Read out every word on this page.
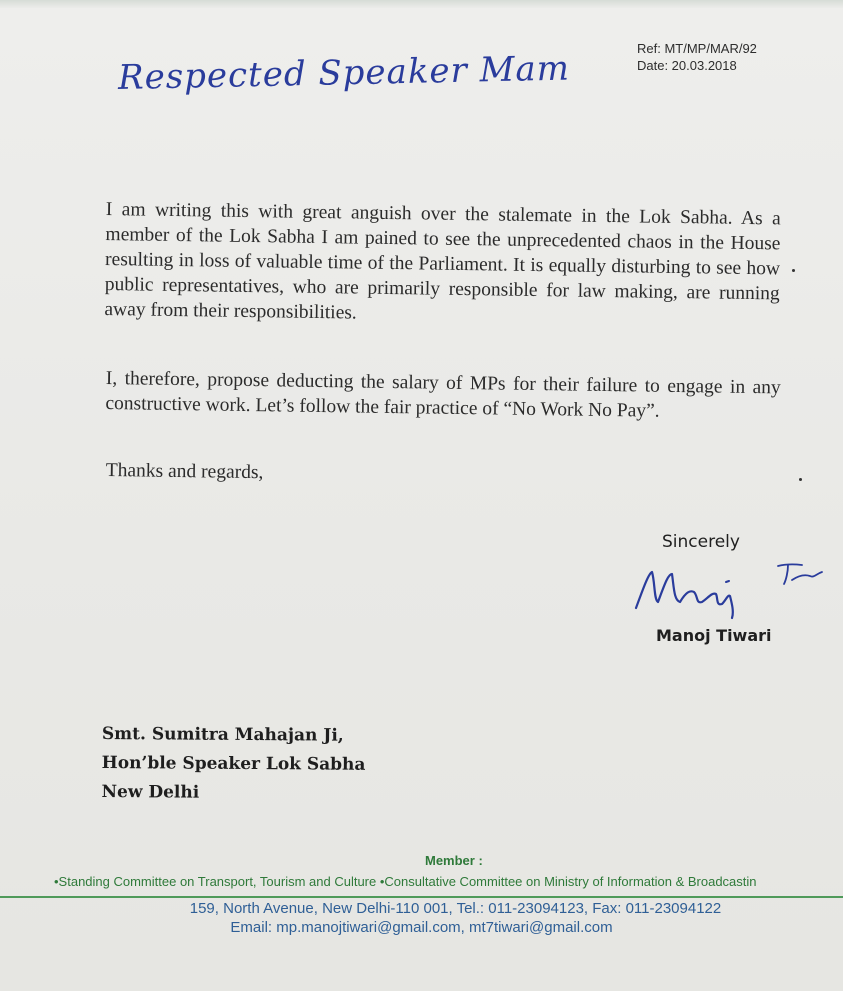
Ref: MT/MP/MAR/92
Date: 20.03.2018
Respected Speaker Mam
I am writing this with great anguish over the stalemate in the Lok Sabha. As a member of the Lok Sabha I am pained to see the unprecedented chaos in the House resulting in loss of valuable time of the Parliament. It is equally disturbing to see how public representatives, who are primarily responsible for law making, are running away from their responsibilities.
I, therefore, propose deducting the salary of MPs for their failure to engage in any constructive work. Let’s follow the fair practice of “No Work No Pay”.
Thanks and regards,
Sincerely
Manoj Tiwari
Smt. Sumitra Mahajan Ji,
Hon’ble Speaker Lok Sabha
New Delhi
Member :
•Standing Committee on Transport, Tourism and Culture •Consultative Committee on Ministry of Information & Broadcastin
159, North Avenue, New Delhi-110 001, Tel.: 011-23094123, Fax: 011-23094122
Email: mp.manojtiwari@gmail.com, mt7tiwari@gmail.com
